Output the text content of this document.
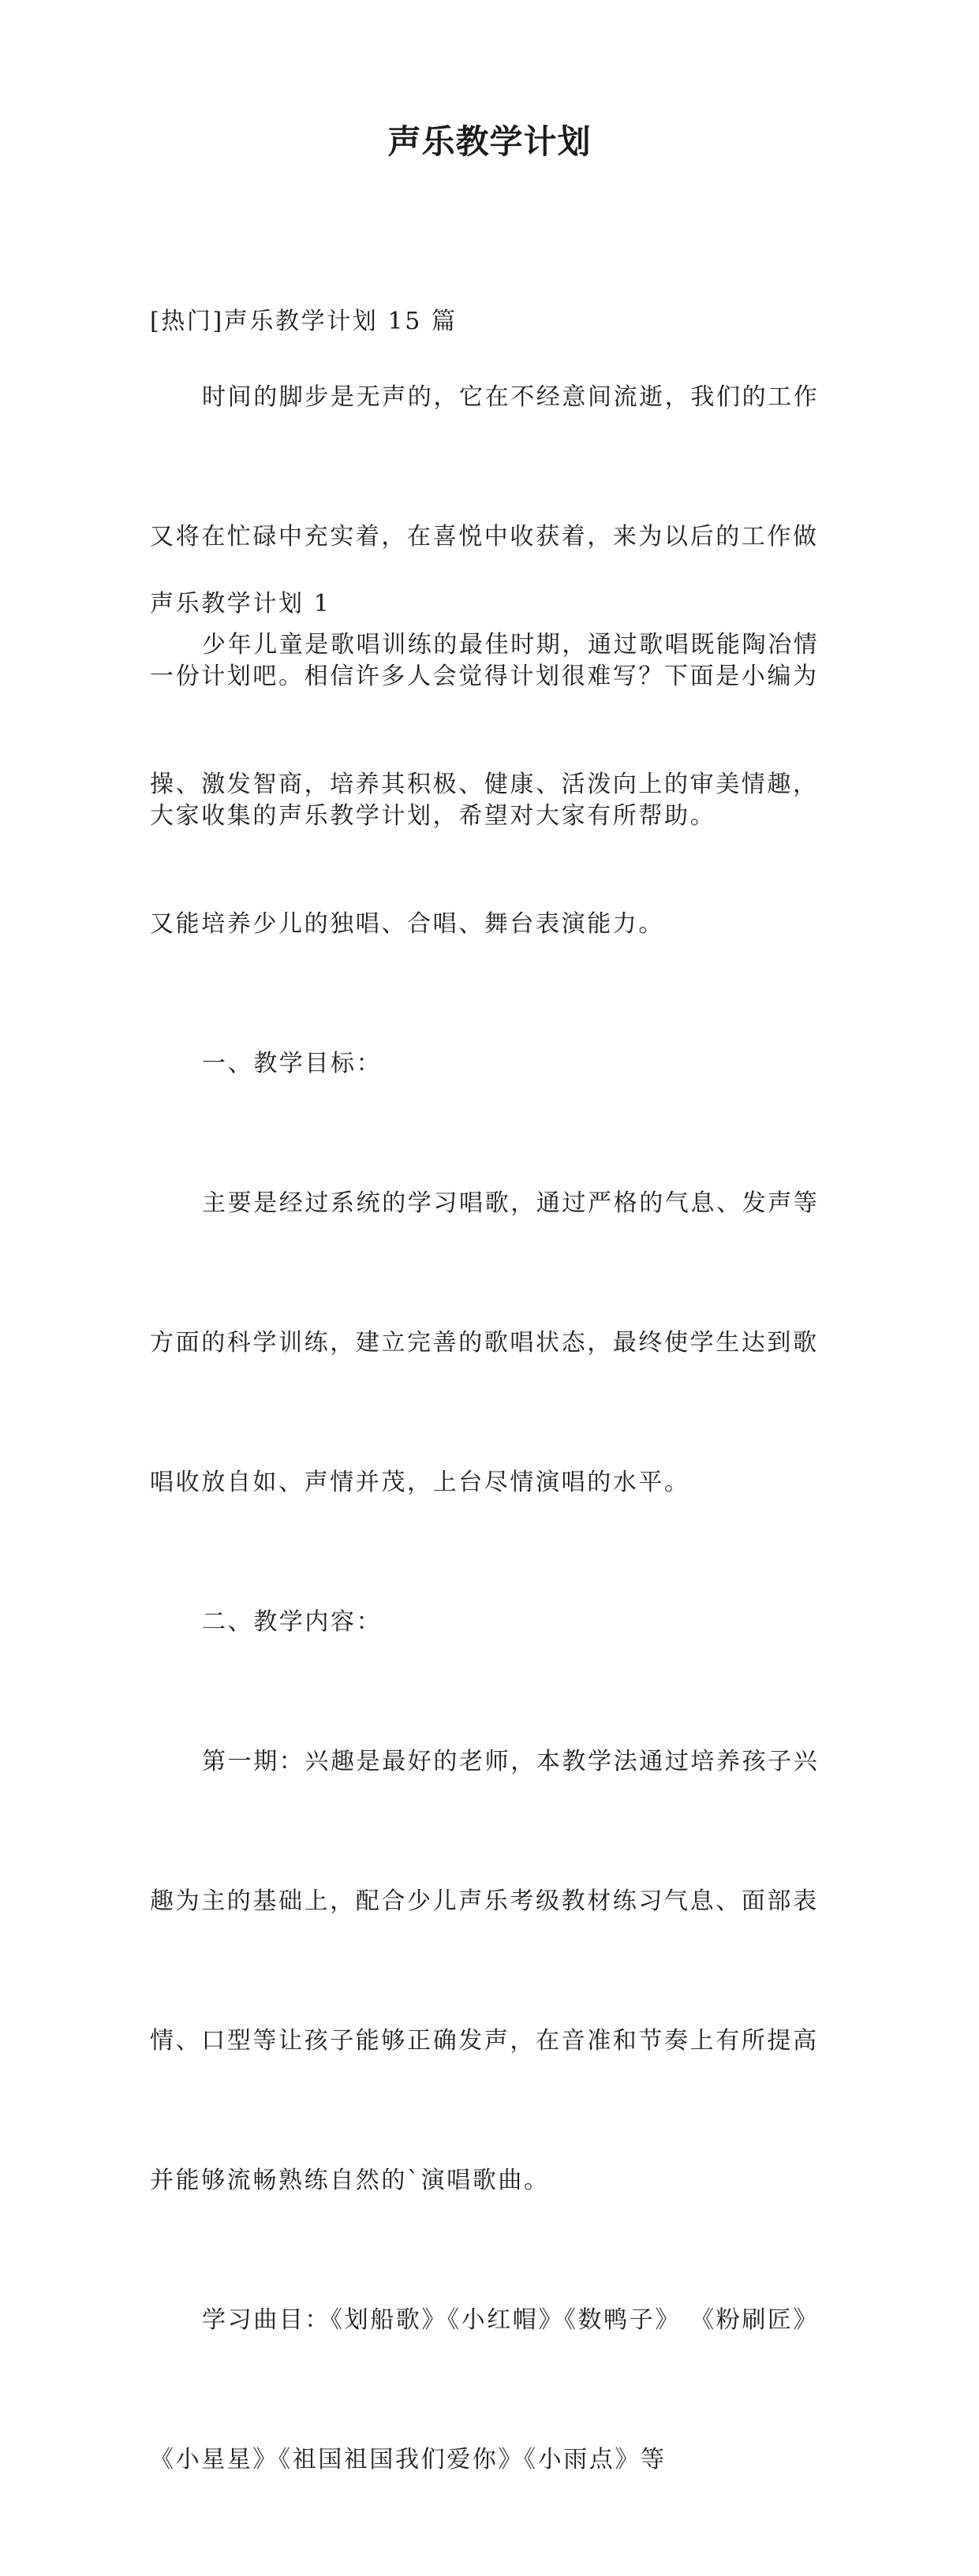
声乐教学计划

[热门]声乐教学计划 15 篇

时间的脚步是无声的，它在不经意间流逝，我们的工作

又将在忙碌中充实着，在喜悦中收获着，来为以后的工作做

一份计划吧。相信许多人会觉得计划很难写？下面是小编为

大家收集的声乐教学计划，希望对大家有所帮助。

声乐教学计划 1

少年儿童是歌唱训练的最佳时期，通过歌唱既能陶冶情

操、激发智商，培养其积极、健康、活泼向上的审美情趣，

又能培养少儿的独唱、合唱、舞台表演能力。

一、教学目标：

主要是经过系统的学习唱歌，通过严格的气息、发声等

方面的科学训练，建立完善的歌唱状态，最终使学生达到歌

唱收放自如、声情并茂，上台尽情演唱的水平。

二、教学内容：

第一期：兴趣是最好的老师，本教学法通过培养孩子兴

趣为主的基础上，配合少儿声乐考级教材练习气息、面部表

情、口型等让孩子能够正确发声，在音准和节奏上有所提高

并能够流畅熟练自然的`演唱歌曲。

学习曲目：《划船歌》《小红帽》《数鸭子》 《粉刷匠》

《小星星》《祖国祖国我们爱你》《小雨点》等
